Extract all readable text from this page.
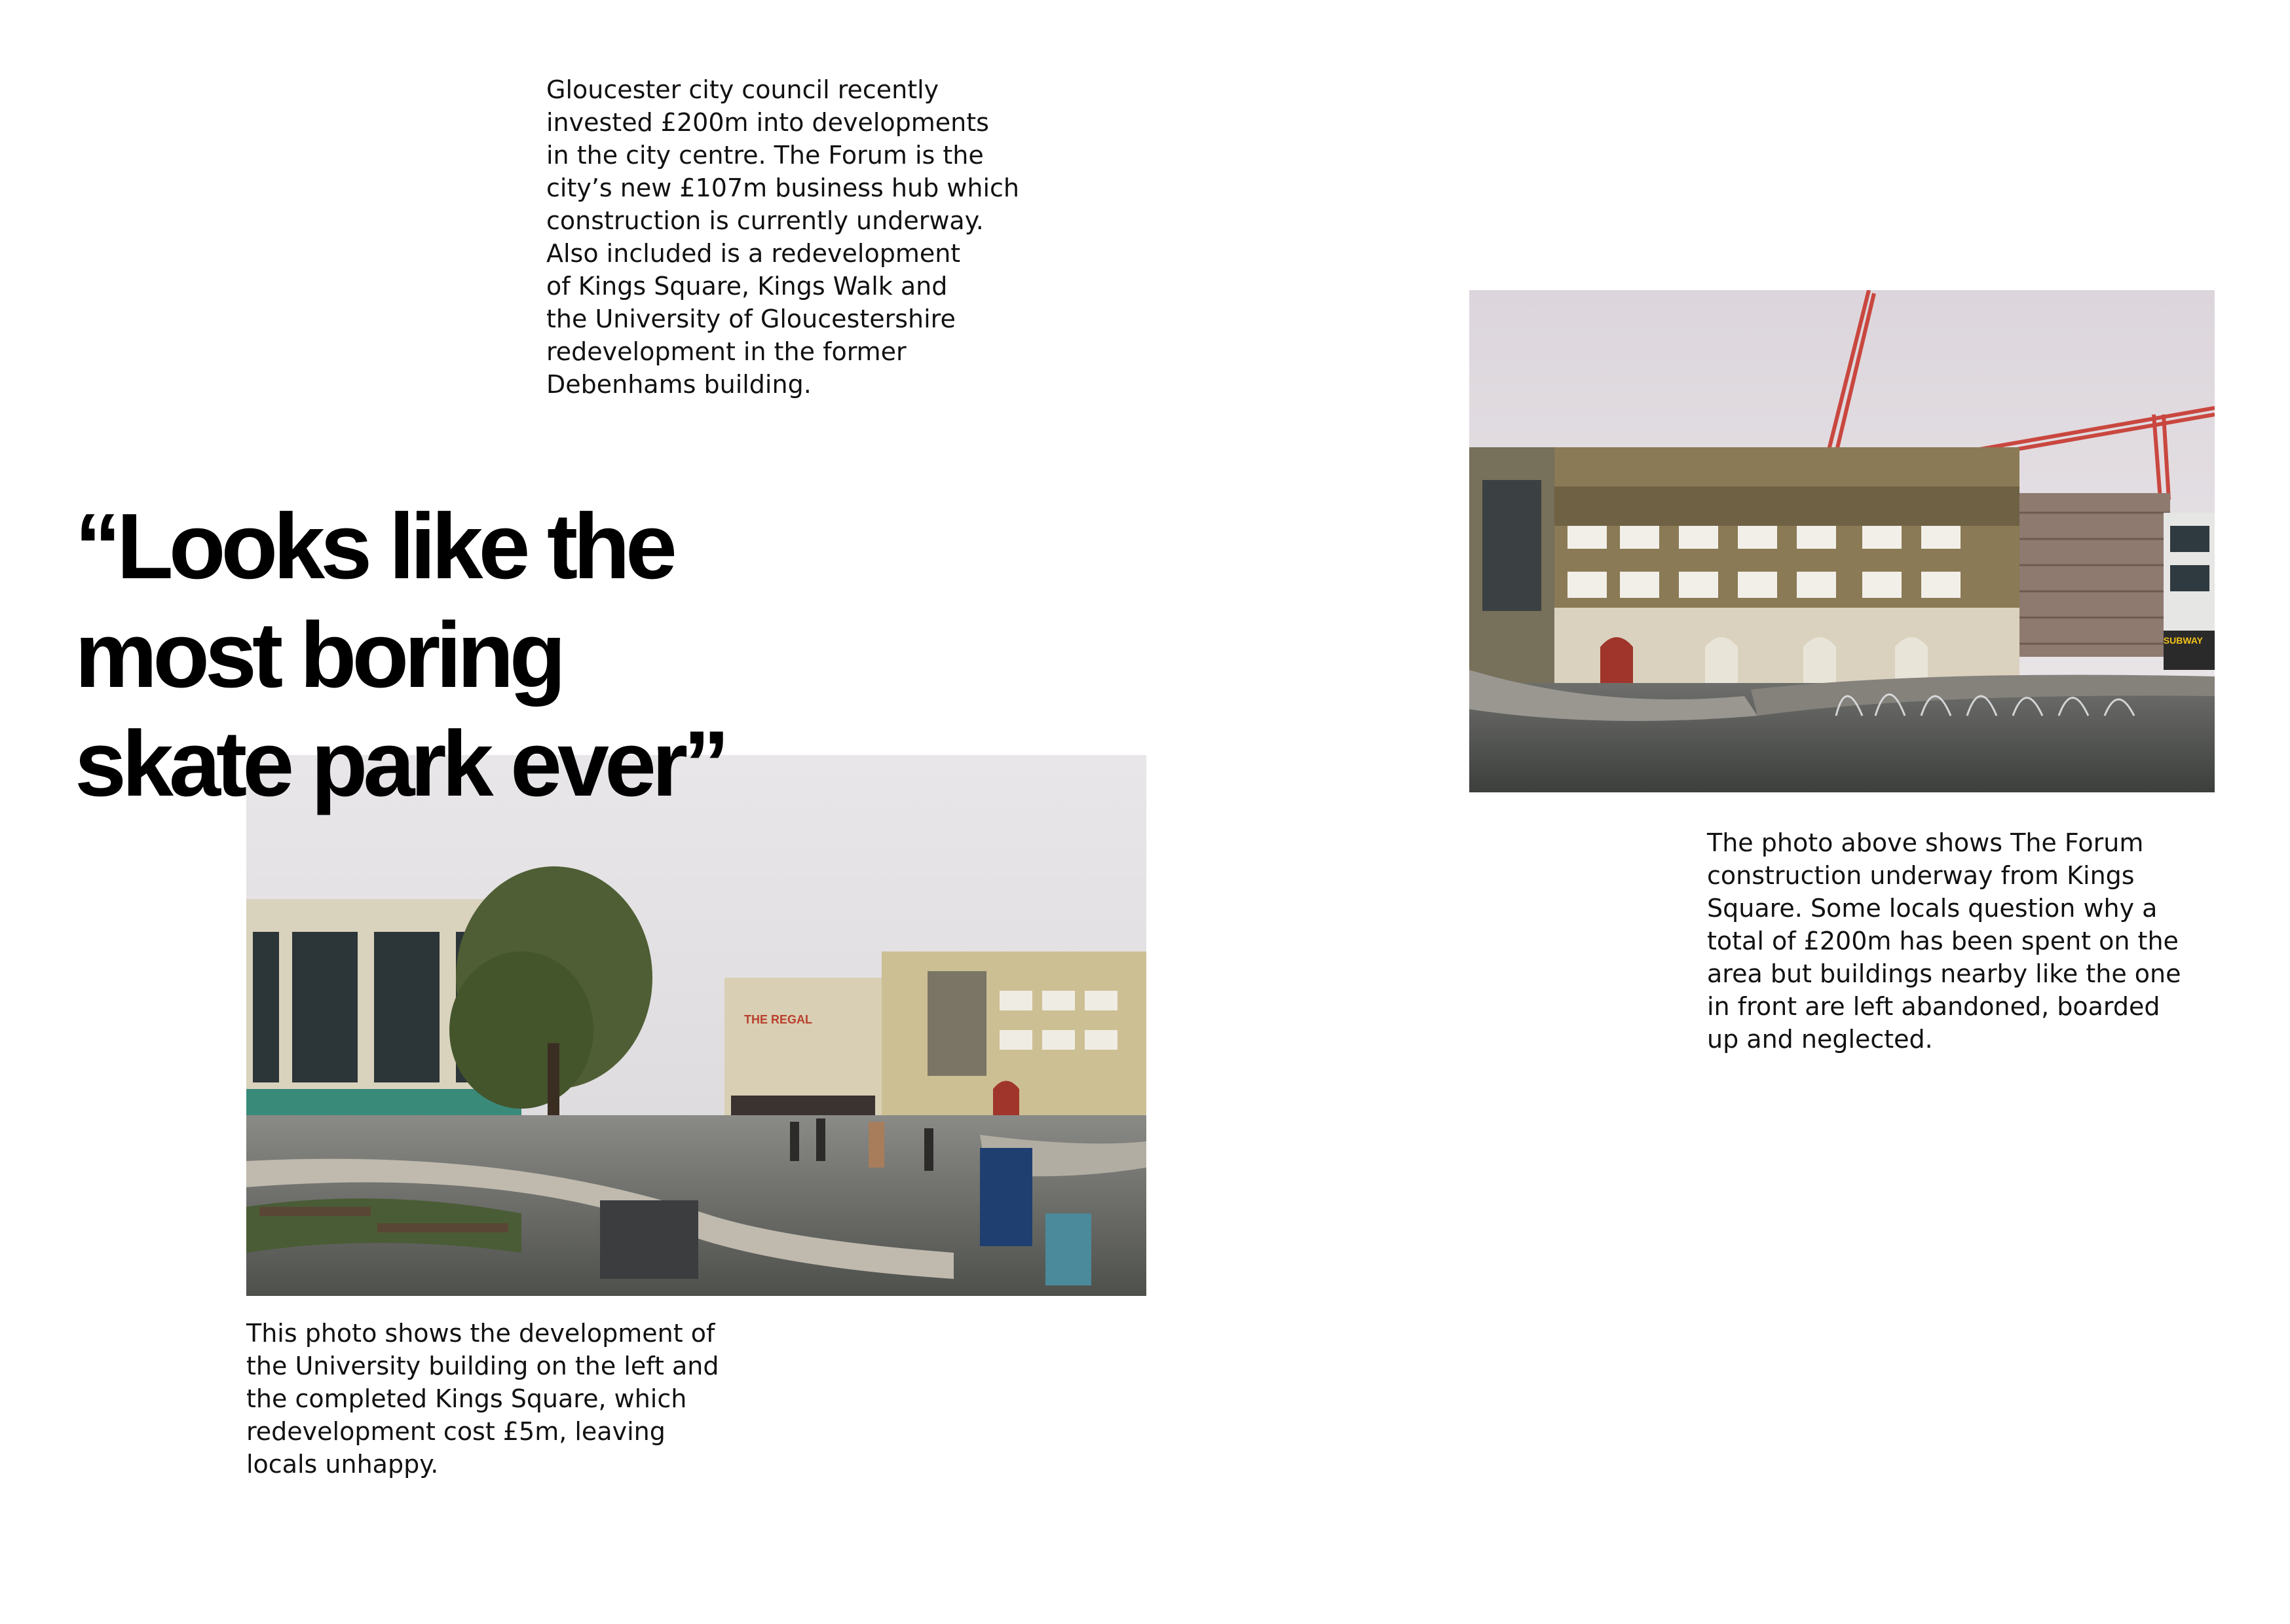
Gloucester city council recently
invested £200m into developments
in the city centre. The Forum is the
city’s new £107m business hub which
construction is currently underway.
Also included is a redevelopment
of Kings Square, Kings Walk and
the University of Gloucestershire
redevelopment in the former
Debenhams building.

SUBWAY

The photo above shows The Forum
construction underway from Kings
Square. Some locals question why a
total of £200m has been spent on the
area but buildings nearby like the one
in front are left abandoned, boarded
up and neglected.

THE REGAL
“Looks like the
most boring
skate park ever”

This photo shows the development of
the University building on the left and
the completed Kings Square, which
redevelopment cost £5m, leaving
locals unhappy.
